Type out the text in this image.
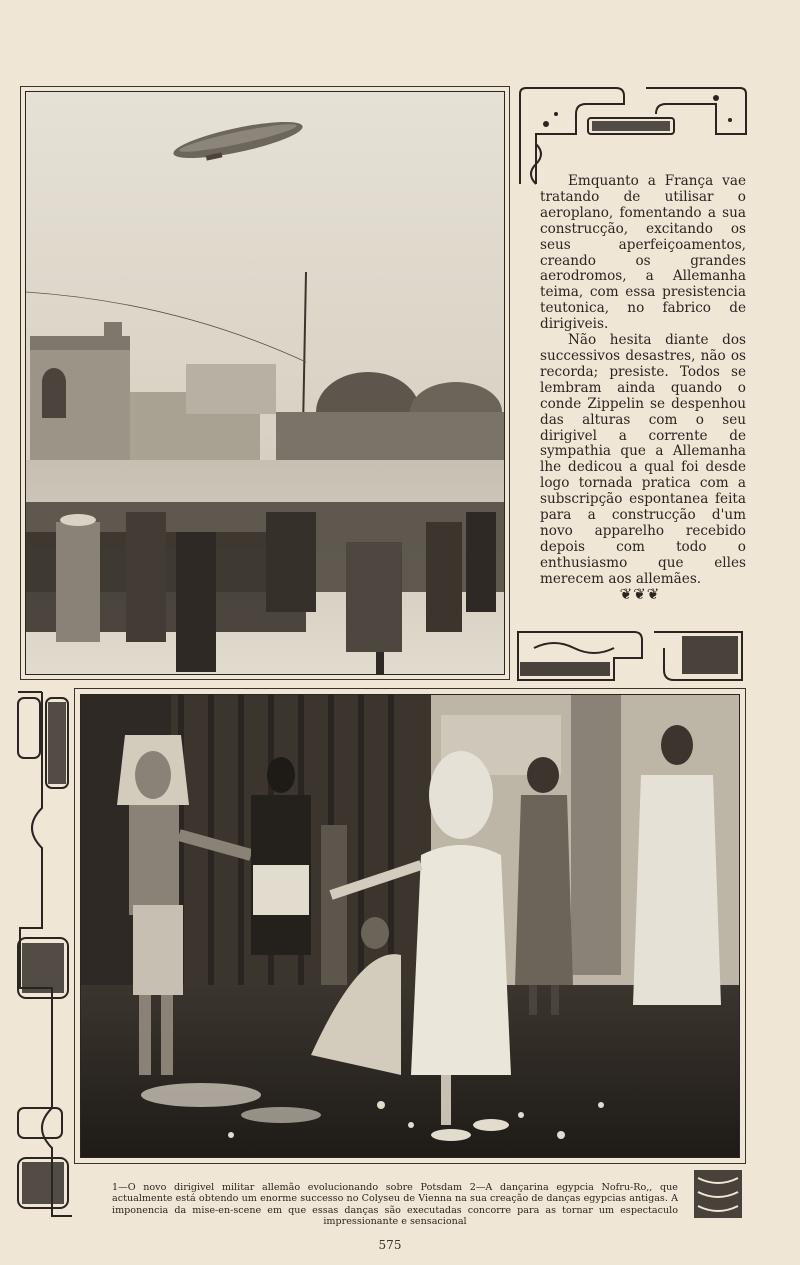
Emquanto a França vae tratando de utilisar o aeroplano, fomentando a sua construcção, excitando os seus aperfeiçoamentos, creando os grandes aerodromos, a Allemanha teima, com essa presistencia teutonica, no fabrico de dirigiveis.

Não hesita diante dos successivos desastres, não os recorda; presiste. Todos se lembram ainda quando o conde Zippelin se despenhou das alturas com o seu dirigivel a corrente de sympathia que a Allemanha lhe dedicou a qual foi desde logo tornada pratica com a subscripção espontanea feita para a construcção d'um novo apparelho recebido depois com todo o enthusiasmo que elles merecem aos allemães.

❦❦❦
1—O novo dirigivel militar allemão evolucionando sobre Potsdam 2—A dançarina egypcia Nofru-Ro,, que actualmente está obtendo um enorme successo no Colyseu de Vienna na sua creação de danças egypcias antigas. A imponencia da mise-en-scene em que essas danças são executadas concorre para as tornar um espectaculo impressionante e sensacional
575
